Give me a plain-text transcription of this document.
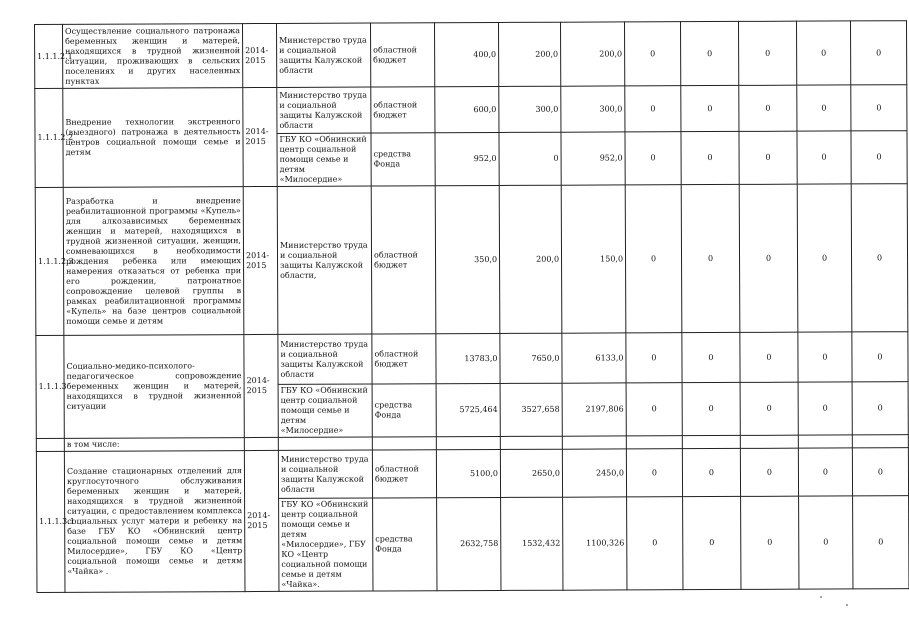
1.1.1.2.1	Осуществление социального патронажа беременных женщин и матерей, находящихся в трудной жизненной ситуации, проживающих в сельских поселениях и других населенных пунктах	2014-2015	Министерство труда и социальной защиты Калужской области	областной бюджет	400,0	200,0	200,0	0	0	0	0	0
1.1.1.2.2	Внедрение технологии экстренного (выездного) патронажа в деятельность центров социальной помощи семье и детям	2014-2015	Министерство труда и социальной защиты Калужской области	областной бюджет	600,0	300,0	300,0	0	0	0	0	0
			ГБУ КО «Обнинский центр социальной помощи семье и детям «Милосердие»	средства Фонда	952,0	0	952,0	0	0	0	0	0
1.1.1.2.3	Разработка и внедрение реабилитационной программы «Купель» для алкозависимых беременных женщин и матерей, находящихся в трудной жизненной ситуации, женщин, сомневающихся в необходимости рождения ребенка или имеющих намерения отказаться от ребенка при его рождении, патронатное сопровождение целевой группы в рамках реабилитационной программы «Купель» на базе центров социальной помощи семье и детям	2014-2015	Министерство труда и социальной защиты Калужской области,	областной бюджет	350,0	200,0	150,0	0	0	0	0	0
1.1.1.3	Социально-медико-психолого-педагогическое сопровождение беременных женщин и матерей, находящихся в трудной жизненной ситуации	2014-2015	Министерство труда и социальной защиты Калужской области	областной бюджет	13783,0	7650,0	6133,0	0	0	0	0	0
			ГБУ КО «Обнинский центр социальной помощи семье и детям «Милосердие»	средства Фонда	5725,464	3527,658	2197,806	0	0	0	0	0
	в том числе:											
1.1.1.3.1	Создание стационарных отделений для круглосуточного обслуживания беременных женщин и матерей, находящихся в трудной жизненной ситуации, с предоставлением комплекса социальных услуг матери и ребенку на базе ГБУ КО «Обнинский центр социальной помощи семье и детям Милосердие», ГБУ КО «Центр социальной помощи семье и детям «Чайка» .	2014-2015	Министерство труда и социальной защиты Калужской области	областной бюджет	5100,0	2650,0	2450,0	0	0	0	0	0
			ГБУ КО «Обнинский центр социальной помощи семье и детям «Милосердие», ГБУ КО «Центр социальной помощи семье и детям «Чайка».	средства Фонда	2632,758	1532,432	1100,326	0	0	0	0	0
